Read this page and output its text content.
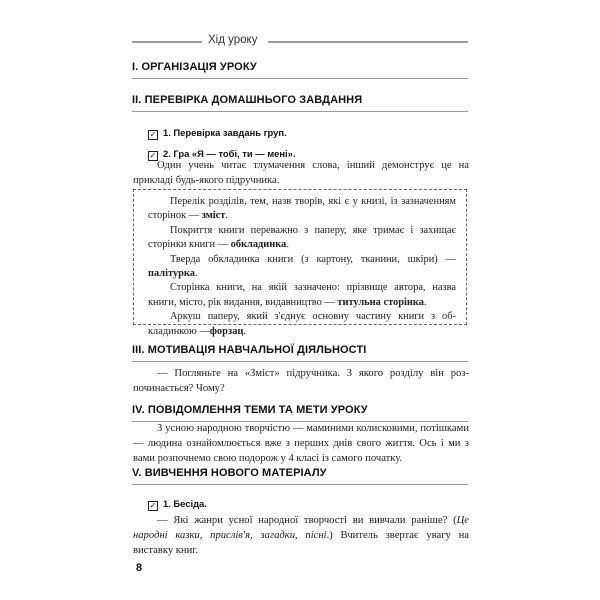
Хід уроку
I. ОРГАНІЗАЦІЯ УРОКУ
II. ПЕРЕВІРКА ДОМАШНЬОГО ЗАВДАННЯ
✓ 1. Перевірка завдань груп.
✓ 2. Гра «Я — тобі, ти — мені».

Один учень читає тлумачення слова, інший демонструє це на прикладі будь-якого підручника.

Перелік розділів, тем, назв творів, які є у книзі, із зазначенням сторінок — зміст.

Покриття книги переважно з паперу, яке тримає і захищає сторінки книги — обкладинка.

Тверда обкладинка книги (з картону, тканини, шкіри) — палітурка.

Сторінка книги, на якій зазначено: прізвище автора, назва книги, місто, рік видання, видавництво — титульна сторінка.

Аркуш паперу, який з'єднує основну частину книги з обкладинкою —форзац.

III. МОТИВАЦІЯ НАВЧАЛЬНОЇ ДІЯЛЬНОСТІ

— Погляньте на «Зміст» підручника. З якого розділу він розпочинається? Чому?

IV. ПОВІДОМЛЕННЯ ТЕМИ ТА МЕТИ УРОКУ

З усною народною творчістю — маминими колисковими, потішками — людина ознайомлюється вже з перших днів свого життя. Ось і ми з вами розпочнемо свою подорож у 4 класі із самого початку.

V. ВИВЧЕННЯ НОВОГО МАТЕРІАЛУ
✓ 1. Бесіда.

— Які жанри усної народної творчості ви вивчали раніше? (Це народні казки, прислів'я, загадки, пісні.) Вчитель звертає увагу на виставку книг.

8
